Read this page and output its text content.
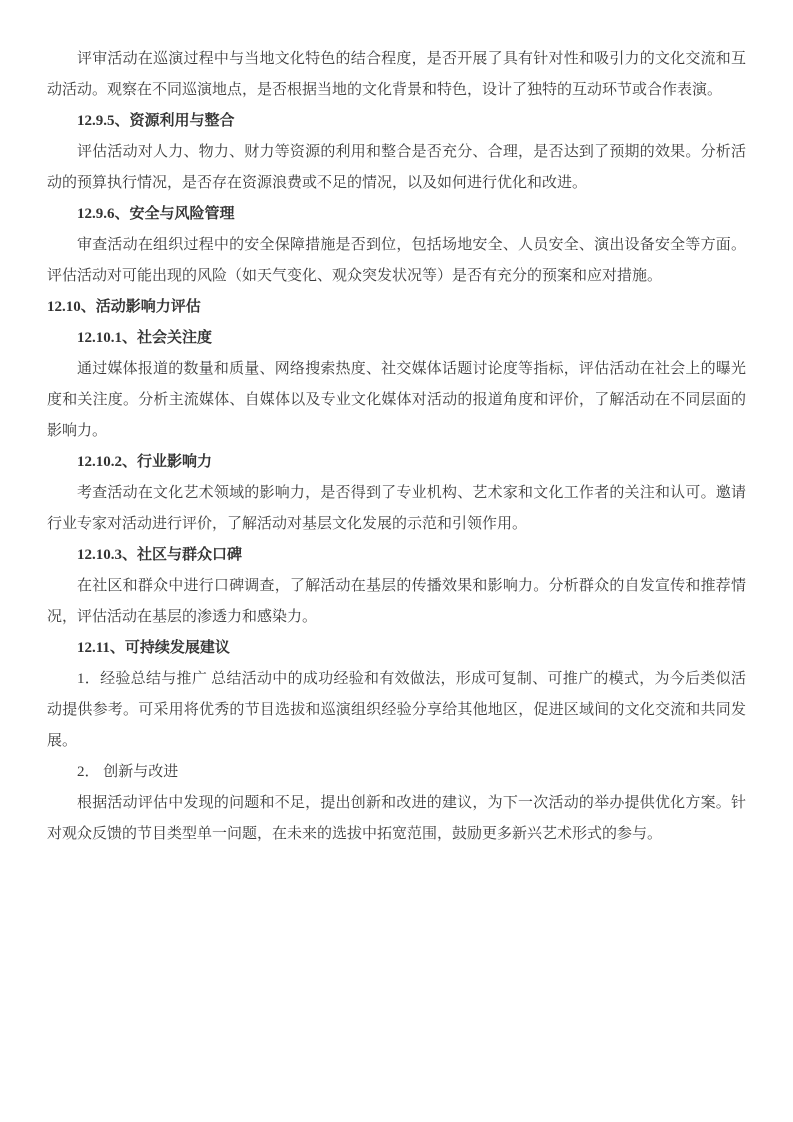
评审活动在巡演过程中与当地文化特色的结合程度，是否开展了具有针对性和吸引力的文化交流和互动活动。观察在不同巡演地点，是否根据当地的文化背景和特色，设计了独特的互动环节或合作表演。

12.9.5、资源利用与整合

评估活动对人力、物力、财力等资源的利用和整合是否充分、合理，是否达到了预期的效果。分析活动的预算执行情况，是否存在资源浪费或不足的情况，以及如何进行优化和改进。

12.9.6、安全与风险管理

审查活动在组织过程中的安全保障措施是否到位，包括场地安全、人员安全、演出设备安全等方面。评估活动对可能出现的风险（如天气变化、观众突发状况等）是否有充分的预案和应对措施。

12.10、活动影响力评估
12.10.1、社会关注度

通过媒体报道的数量和质量、网络搜索热度、社交媒体话题讨论度等指标，评估活动在社会上的曝光度和关注度。分析主流媒体、自媒体以及专业文化媒体对活动的报道角度和评价，了解活动在不同层面的影响力。

12.10.2、行业影响力

考查活动在文化艺术领域的影响力，是否得到了专业机构、艺术家和文化工作者的关注和认可。邀请行业专家对活动进行评价，了解活动对基层文化发展的示范和引领作用。

12.10.3、社区与群众口碑

在社区和群众中进行口碑调查，了解活动在基层的传播效果和影响力。分析群众的自发宣传和推荐情况，评估活动在基层的渗透力和感染力。

12.11、可持续发展建议

1．经验总结与推广 总结活动中的成功经验和有效做法，形成可复制、可推广的模式，为今后类似活动提供参考。可采用将优秀的节目选拔和巡演组织经验分享给其他地区，促进区域间的文化交流和共同发展。

2． 创新与改进

根据活动评估中发现的问题和不足，提出创新和改进的建议，为下一次活动的举办提供优化方案。针对观众反馈的节目类型单一问题，在未来的选拔中拓宽范围，鼓励更多新兴艺术形式的参与。
